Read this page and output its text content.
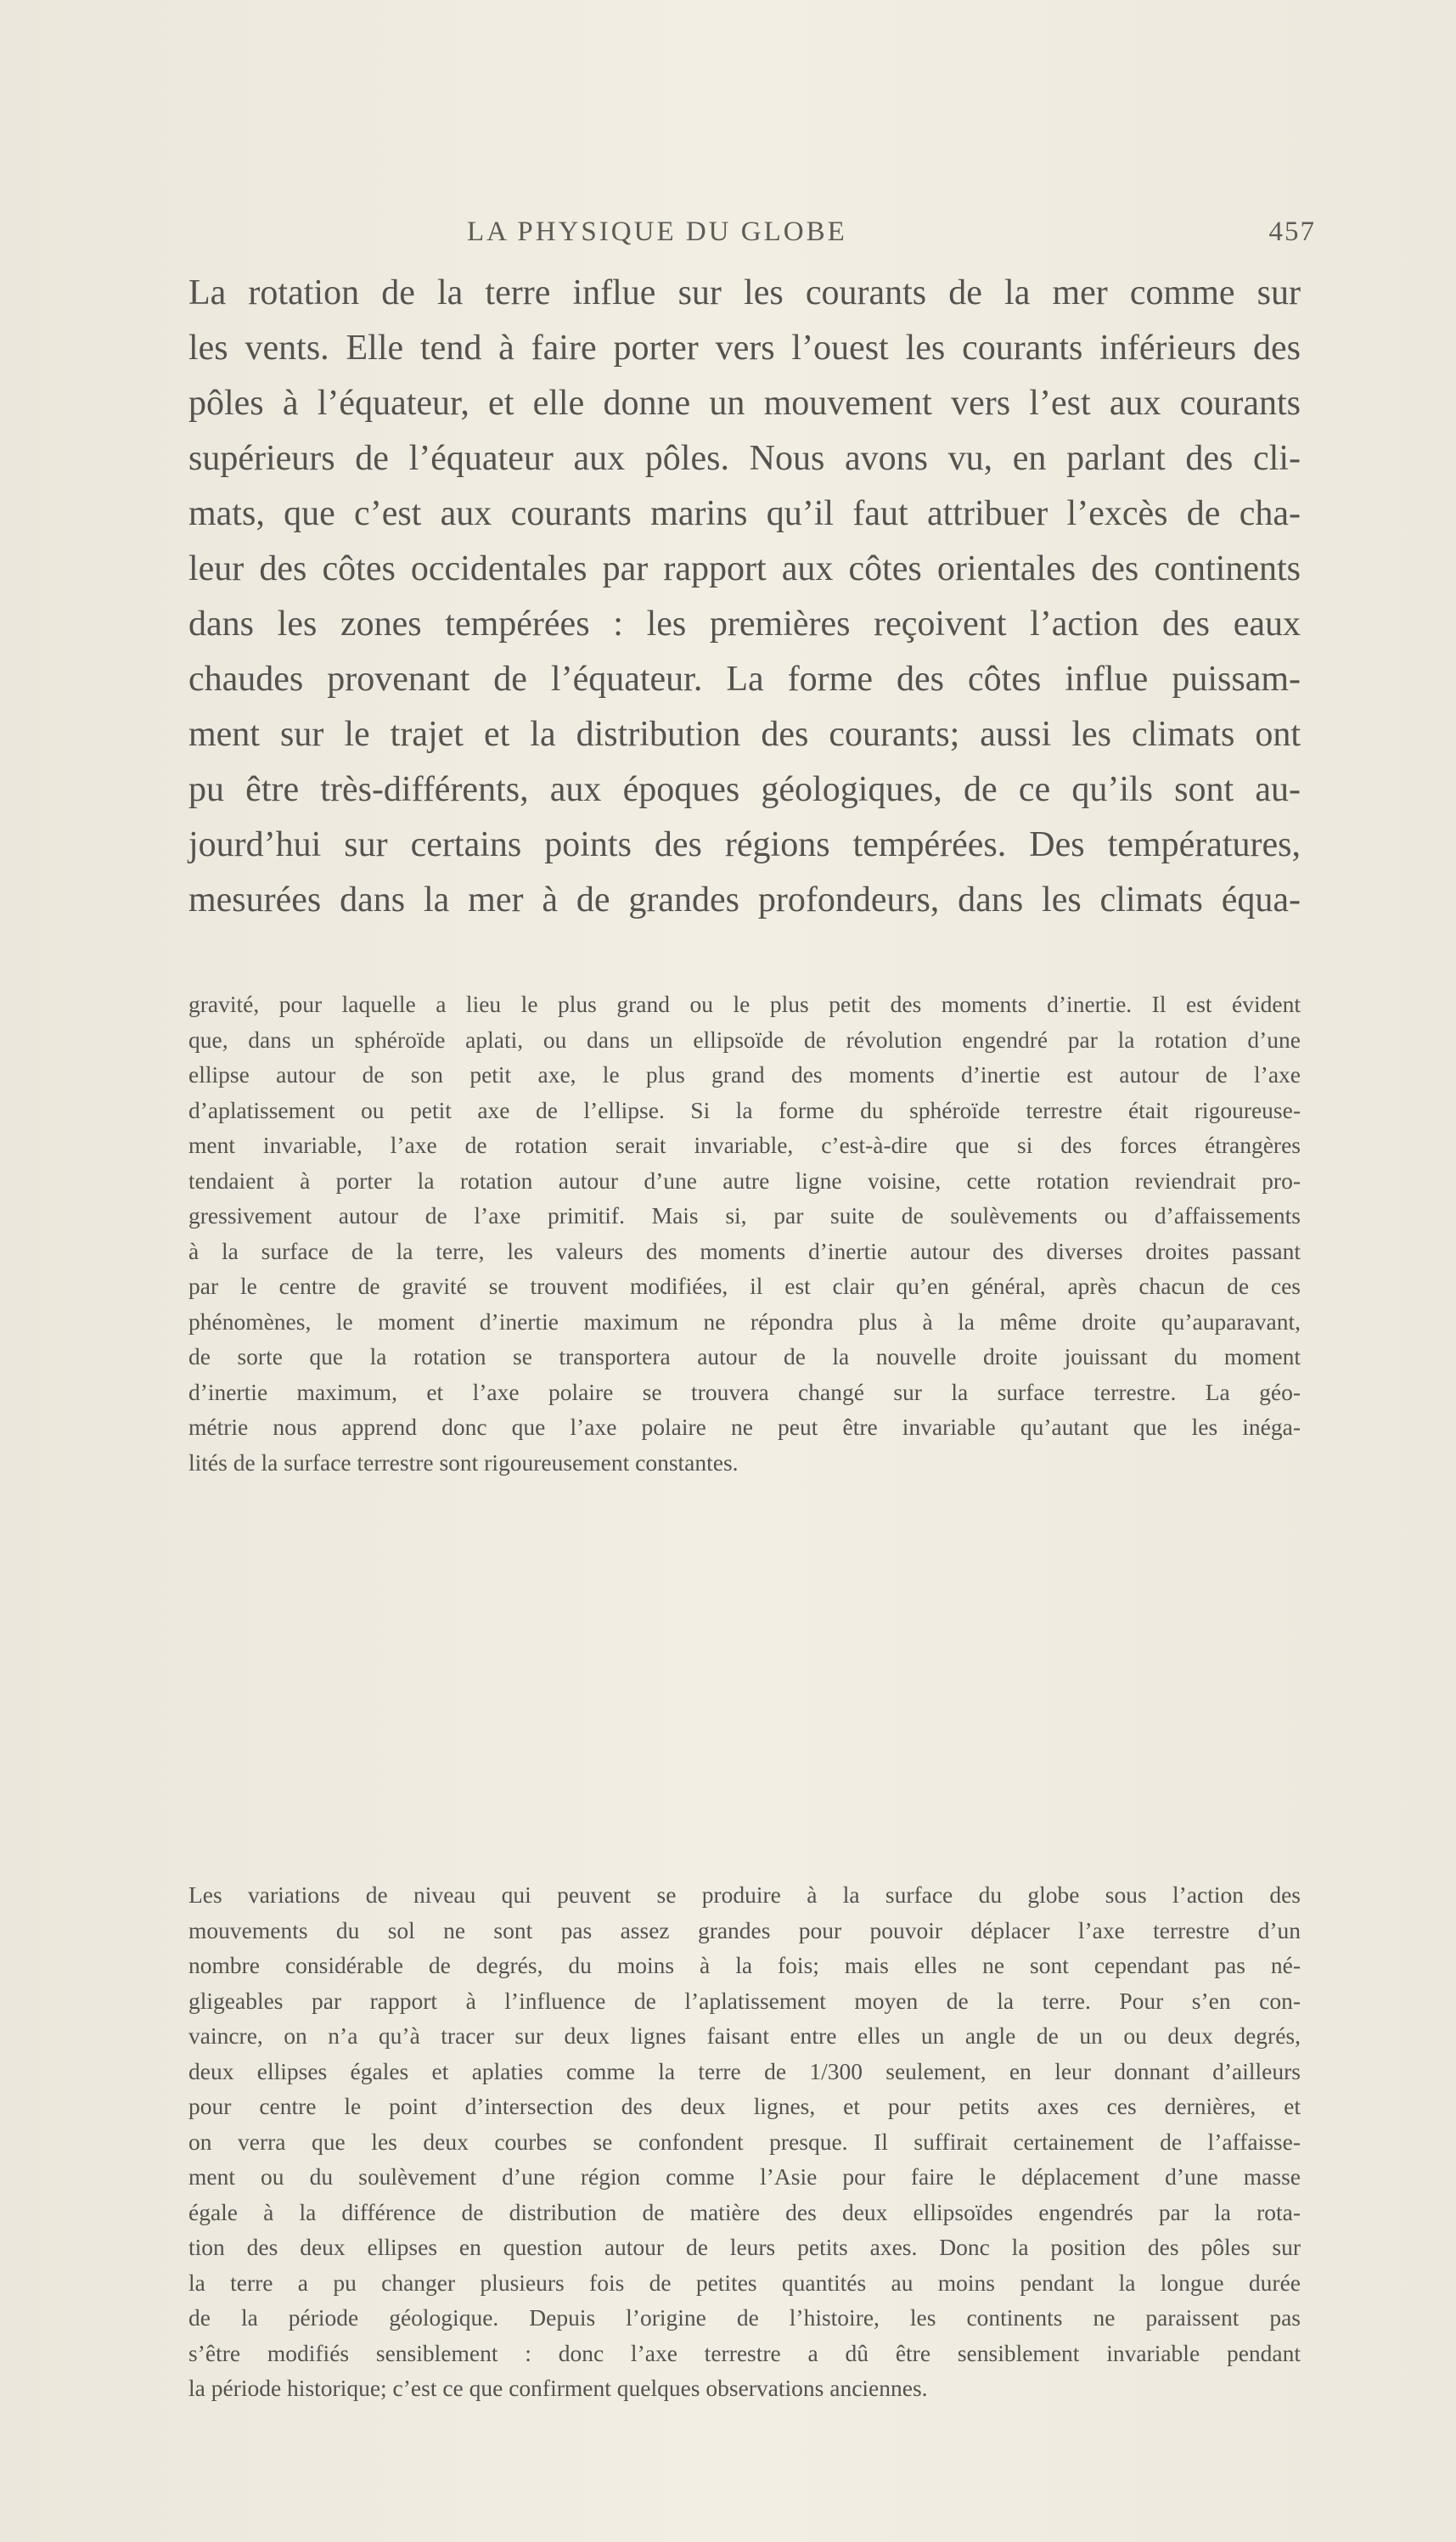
LA PHYSIQUE DU GLOBE	457

La rotation de la terre influe sur les courants de la mer comme sur
les vents. Elle tend à faire porter vers l’ouest les courants inférieurs des
pôles à l’équateur, et elle donne un mouvement vers l’est aux courants
supérieurs de l’équateur aux pôles. Nous avons vu, en parlant des cli-
mats, que c’est aux courants marins qu’il faut attribuer l’excès de cha-
leur des côtes occidentales par rapport aux côtes orientales des continents
dans les zones tempérées : les premières reçoivent l’action des eaux
chaudes provenant de l’équateur. La forme des côtes influe puissam-
ment sur le trajet et la distribution des courants; aussi les climats ont
pu être très-différents, aux époques géologiques, de ce qu’ils sont au-
jourd’hui sur certains points des régions tempérées. Des températures,
mesurées dans la mer à de grandes profondeurs, dans les climats équa-

gravité, pour laquelle a lieu le plus grand ou le plus petit des moments d’inertie. Il est évident
que, dans un sphéroïde aplati, ou dans un ellipsoïde de révolution engendré par la rotation d’une
ellipse autour de son petit axe, le plus grand des moments d’inertie est autour de l’axe
d’aplatissement ou petit axe de l’ellipse. Si la forme du sphéroïde terrestre était rigoureuse-
ment invariable, l’axe de rotation serait invariable, c’est-à-dire que si des forces étrangères
tendaient à porter la rotation autour d’une autre ligne voisine, cette rotation reviendrait pro-
gressivement autour de l’axe primitif. Mais si, par suite de soulèvements ou d’affaissements
à la surface de la terre, les valeurs des moments d’inertie autour des diverses droites passant
par le centre de gravité se trouvent modifiées, il est clair qu’en général, après chacun de ces
phénomènes, le moment d’inertie maximum ne répondra plus à la même droite qu’auparavant,
de sorte que la rotation se transportera autour de la nouvelle droite jouissant du moment
d’inertie maximum, et l’axe polaire se trouvera changé sur la surface terrestre. La géo-
métrie nous apprend donc que l’axe polaire ne peut être invariable qu’autant que les inéga-
lités de la surface terrestre sont rigoureusement constantes.

Les variations de niveau qui peuvent se produire à la surface du globe sous l’action des
mouvements du sol ne sont pas assez grandes pour pouvoir déplacer l’axe terrestre d’un
nombre considérable de degrés, du moins à la fois; mais elles ne sont cependant pas né-
gligeables par rapport à l’influence de l’aplatissement moyen de la terre. Pour s’en con-
vaincre, on n’a qu’à tracer sur deux lignes faisant entre elles un angle de un ou deux degrés,
deux ellipses égales et aplaties comme la terre de 1/300 seulement, en leur donnant d’ailleurs
pour centre le point d’intersection des deux lignes, et pour petits axes ces dernières, et
on verra que les deux courbes se confondent presque. Il suffirait certainement de l’affaisse-
ment ou du soulèvement d’une région comme l’Asie pour faire le déplacement d’une masse
égale à la différence de distribution de matière des deux ellipsoïdes engendrés par la rota-
tion des deux ellipses en question autour de leurs petits axes. Donc la position des pôles sur
la terre a pu changer plusieurs fois de petites quantités au moins pendant la longue durée
de la période géologique. Depuis l’origine de l’histoire, les continents ne paraissent pas
s’être modifiés sensiblement : donc l’axe terrestre a dû être sensiblement invariable pendant
la période historique; c’est ce que confirment quelques observations anciennes.
